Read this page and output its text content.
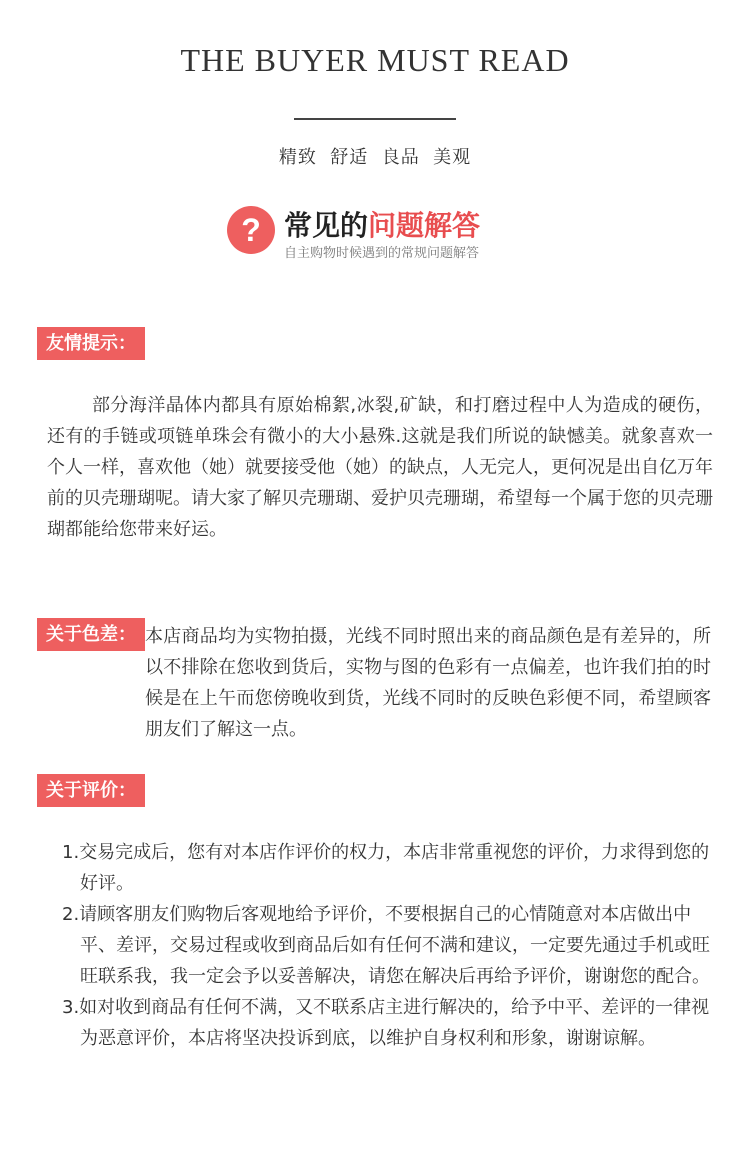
THE BUYER MUST READ
精致  舒适  良品  美观
? 常见的问题解答
自主购物时候遇到的常规问题解答
友情提示：
部分海洋晶体内都具有原始棉絮,冰裂,矿缺，和打磨过程中人为造成的硬伤，还有的手链或项链单珠会有微小的大小悬殊.这就是我们所说的缺憾美。就象喜欢一个人一样，喜欢他（她）就要接受他（她）的缺点，人无完人，更何况是出自亿万年前的贝壳珊瑚呢。请大家了解贝壳珊瑚、爱护贝壳珊瑚，希望每一个属于您的贝壳珊瑚都能给您带来好运。
关于色差： 本店商品均为实物拍摄，光线不同时照出来的商品颜色是有差异的，所以不排除在您收到货后，实物与图的色彩有一点偏差，也许我们拍的时候是在上午而您傍晚收到货，光线不同时的反映色彩便不同，希望顾客朋友们了解这一点。
关于评价：
1.交易完成后，您有对本店作评价的权力，本店非常重视您的评价，力求得到您的好评。
2.请顾客朋友们购物后客观地给予评价，不要根据自己的心情随意对本店做出中平、差评，交易过程或收到商品后如有任何不满和建议，一定要先通过手机或旺旺联系我，我一定会予以妥善解决，请您在解决后再给予评价，谢谢您的配合。
3.如对收到商品有任何不满，又不联系店主进行解决的，给予中平、差评的一律视为恶意评价，本店将坚决投诉到底，以维护自身权利和形象，谢谢谅解。
